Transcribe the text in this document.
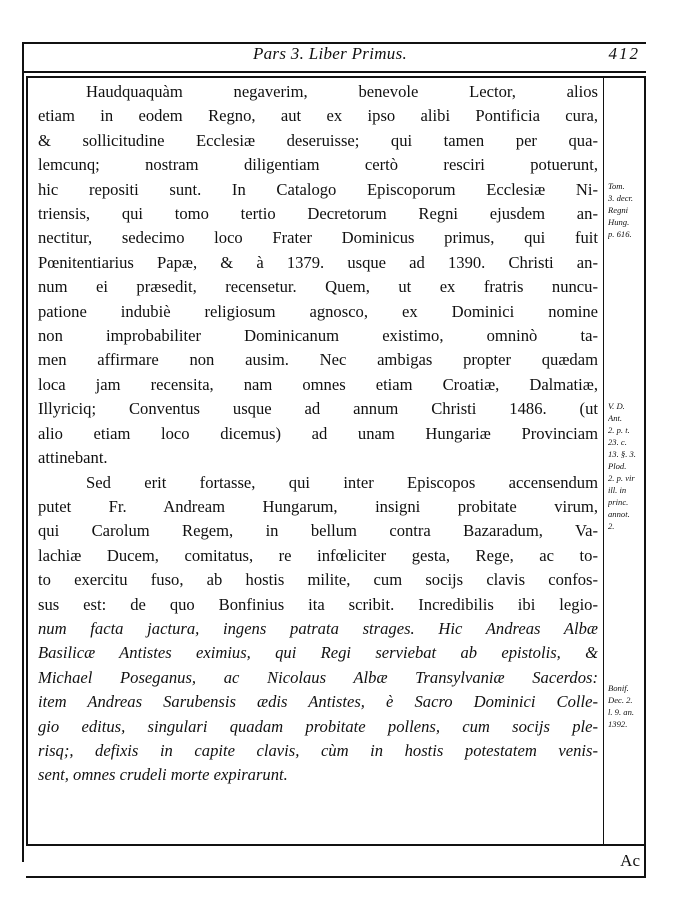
Pars 3. Liber Primus.	412
Haudquaquàm negaverim, benevole Lector, alios
etiam in eodem Regno, aut ex ipso alibi Pontificia cura,
& sollicitudine Ecclesiæ deseruisse; qui tamen per qua-
lemcunq; nostram diligentiam certò resciri potuerunt,
hic repositi sunt. In Catalogo Episcoporum Ecclesiæ Ni-
triensis, qui tomo tertio Decretorum Regni ejusdem an-
nectitur, sedecimo loco Frater Dominicus primus, qui fuit
Pœnitentiarius Papæ, & à 1379. usque ad 1390. Christi an-
num ei præsedit, recensetur. Quem, ut ex fratris nuncu-
patione indubiè religiosum agnosco, ex Dominici nomine
non improbabiliter Dominicanum existimo, omninò ta-
men affirmare non ausim. Nec ambigas propter quædam
loca jam recensita, nam omnes etiam Croatiæ, Dalmatiæ,
Illyriciq; Conventus usque ad annum Christi 1486. (ut
alio etiam loco dicemus) ad unam Hungariæ Provinciam
attinebant.
Sed erit fortasse, qui inter Episcopos accensendum
putet Fr. Andream Hungarum, insigni probitate virum,
qui Carolum Regem, in bellum contra Bazaradum, Va-
lachiæ Ducem, comitatus, re infœliciter gesta, Rege, ac to-
to exercitu fuso, ab hostis milite, cum socijs clavis confos-
sus est: de quo Bonfinius ita scribit. Incredibilis ibi legio-
num facta jactura, ingens patrata strages. Hic Andreas Albæ
Basilicæ Antistes eximius, qui Regi serviebat ab epistolis, &
Michael Poseganus, ac Nicolaus Albæ Transylvaniæ Sacerdos:
item Andreas Sarubensis ædis Antistes, è Sacro Dominici Colle-
gio editus, singulari quadam probitate pollens, cum socijs ple-
risq;, defixis in capite clavis, cùm in hostis potestatem venis-
sent, omnes crudeli morte expirarunt.
Tom.
3. decr.
Regni
Hung.
p. 616.
V. D.
Ant.
2. p. t.
23. c.
13. §. 3.
Plod.
2. p. vir
ill. in
princ.
annot.
2.
Bonif.
Dec. 2.
l. 9. an.
1392.
Ac
